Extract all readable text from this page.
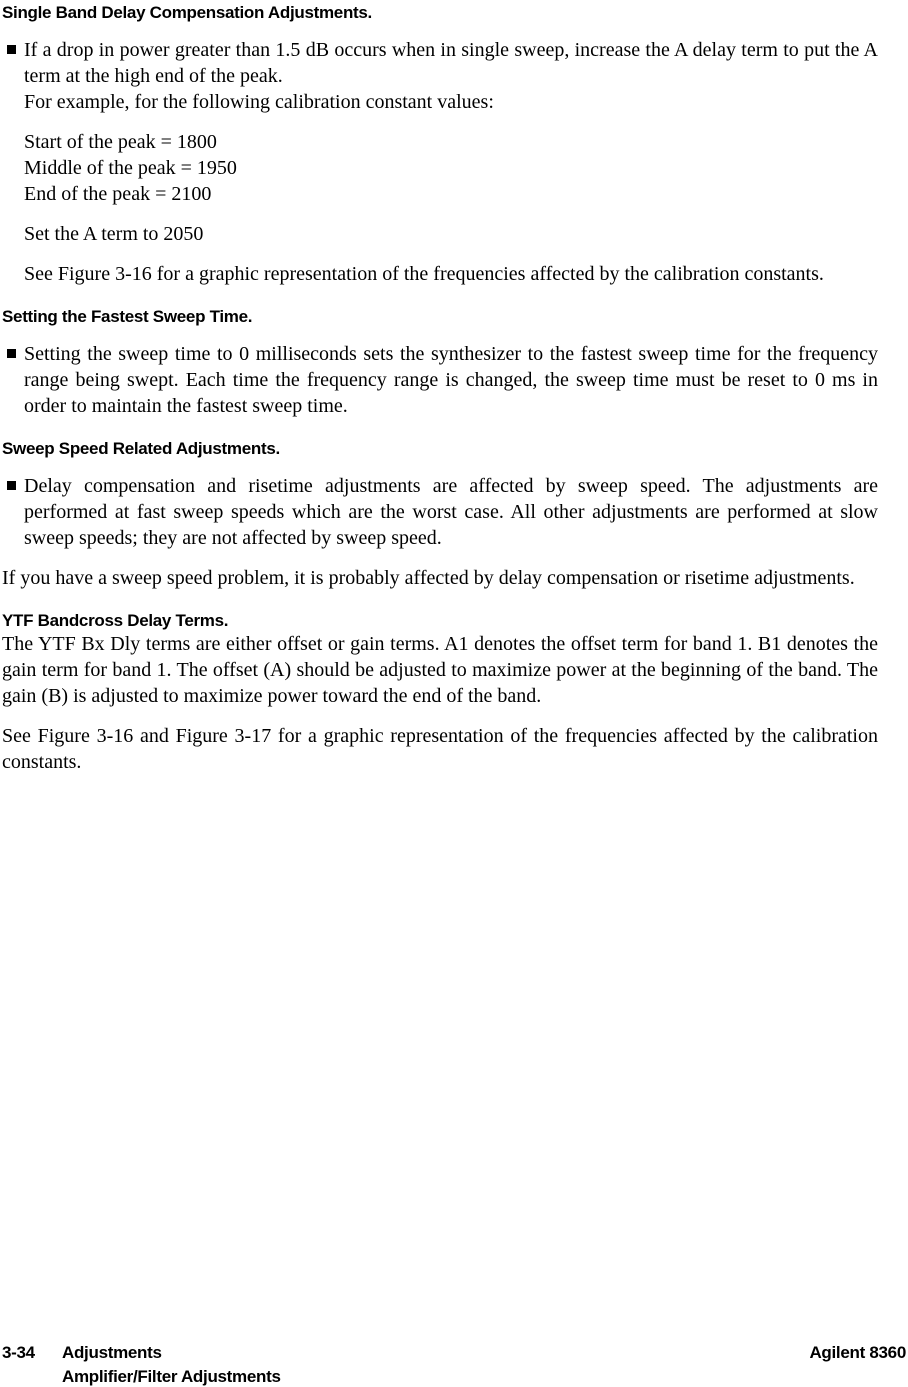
Single Band Delay Compensation Adjustments.

If a drop in power greater than 1.5 dB occurs when in single sweep, increase the A delay term to put the A term at the high end of the peak.

For example, for the following calibration constant values:

Start of the peak = 1800

Middle of the peak = 1950

End of the peak = 2100

Set the A term to 2050

See Figure 3-16 for a graphic representation of the frequencies affected by the calibration constants.

Setting the Fastest Sweep Time.

Setting the sweep time to 0 milliseconds sets the synthesizer to the fastest sweep time for the frequency range being swept. Each time the frequency range is changed, the sweep time must be reset to 0 ms in order to maintain the fastest sweep time.

Sweep Speed Related Adjustments.

Delay compensation and risetime adjustments are affected by sweep speed. The adjustments are performed at fast sweep speeds which are the worst case. All other adjustments are performed at slow sweep speeds; they are not affected by sweep speed.

If you have a sweep speed problem, it is probably affected by delay compensation or risetime adjustments.

YTF Bandcross Delay Terms.

The YTF Bx Dly terms are either offset or gain terms. A1 denotes the offset term for band 1. B1 denotes the gain term for band 1. The offset (A) should be adjusted to maximize power at the beginning of the band. The gain (B) is adjusted to maximize power toward the end of the band.

See Figure 3-16 and Figure 3-17 for a graphic representation of the frequencies affected by the calibration constants.

3-34 Adjustments	Agilent 8360
Amplifier/Filter Adjustments
